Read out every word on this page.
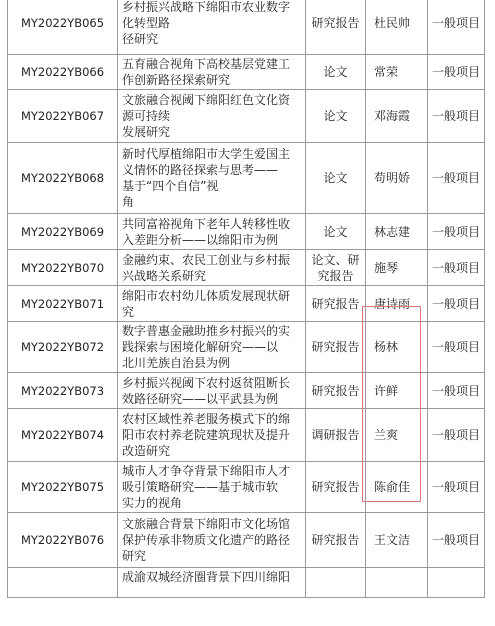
MY2022YB065	乡村振兴战略下绵阳市农业数字
化转型路
径研究	研究报告	杜民帅	一般项目
MY2022YB066	五育融合视角下高校基层党建工
作创新路径探索研究	论文	常荣	一般项目
MY2022YB067	文旅融合视阈下绵阳红色文化资
源可持续
发展研究	论文	邓海霞	一般项目
MY2022YB068	新时代厚植绵阳市大学生爱国主
义情怀的路径探索与思考——
基于“四个自信”视
角	论文	苟明娇	一般项目
MY2022YB069	共同富裕视角下老年人转移性收
入差距分析——以绵阳市为例	论文	林志建	一般项目
MY2022YB070	金融约束、农民工创业与乡村振
兴战略关系研究	论文、研
究报告	施琴	一般项目
MY2022YB071	绵阳市农村幼儿体质发展现状研
究	研究报告	唐诗雨	一般项目
MY2022YB072	数字普惠金融助推乡村振兴的实
践探索与困境化解研究——以
北川羌族自治县为例	研究报告	杨林	一般项目
MY2022YB073	乡村振兴视阈下农村返贫阻断长
效路径研究——以平武县为例	研究报告	许鲜	一般项目
MY2022YB074	农村区域性养老服务模式下的绵
阳市农村养老院建筑现状及提升
改造研究	调研报告	兰爽	一般项目
MY2022YB075	城市人才争夺背景下绵阳市人才
吸引策略研究——基于城市软
实力的视角	研究报告	陈俞佳	一般项目
MY2022YB076	文旅融合背景下绵阳市文化场馆
保护传承非物质文化遗产的路径
研究	研究报告	王文洁	一般项目
	成渝双城经济圈背景下四川绵阳			
